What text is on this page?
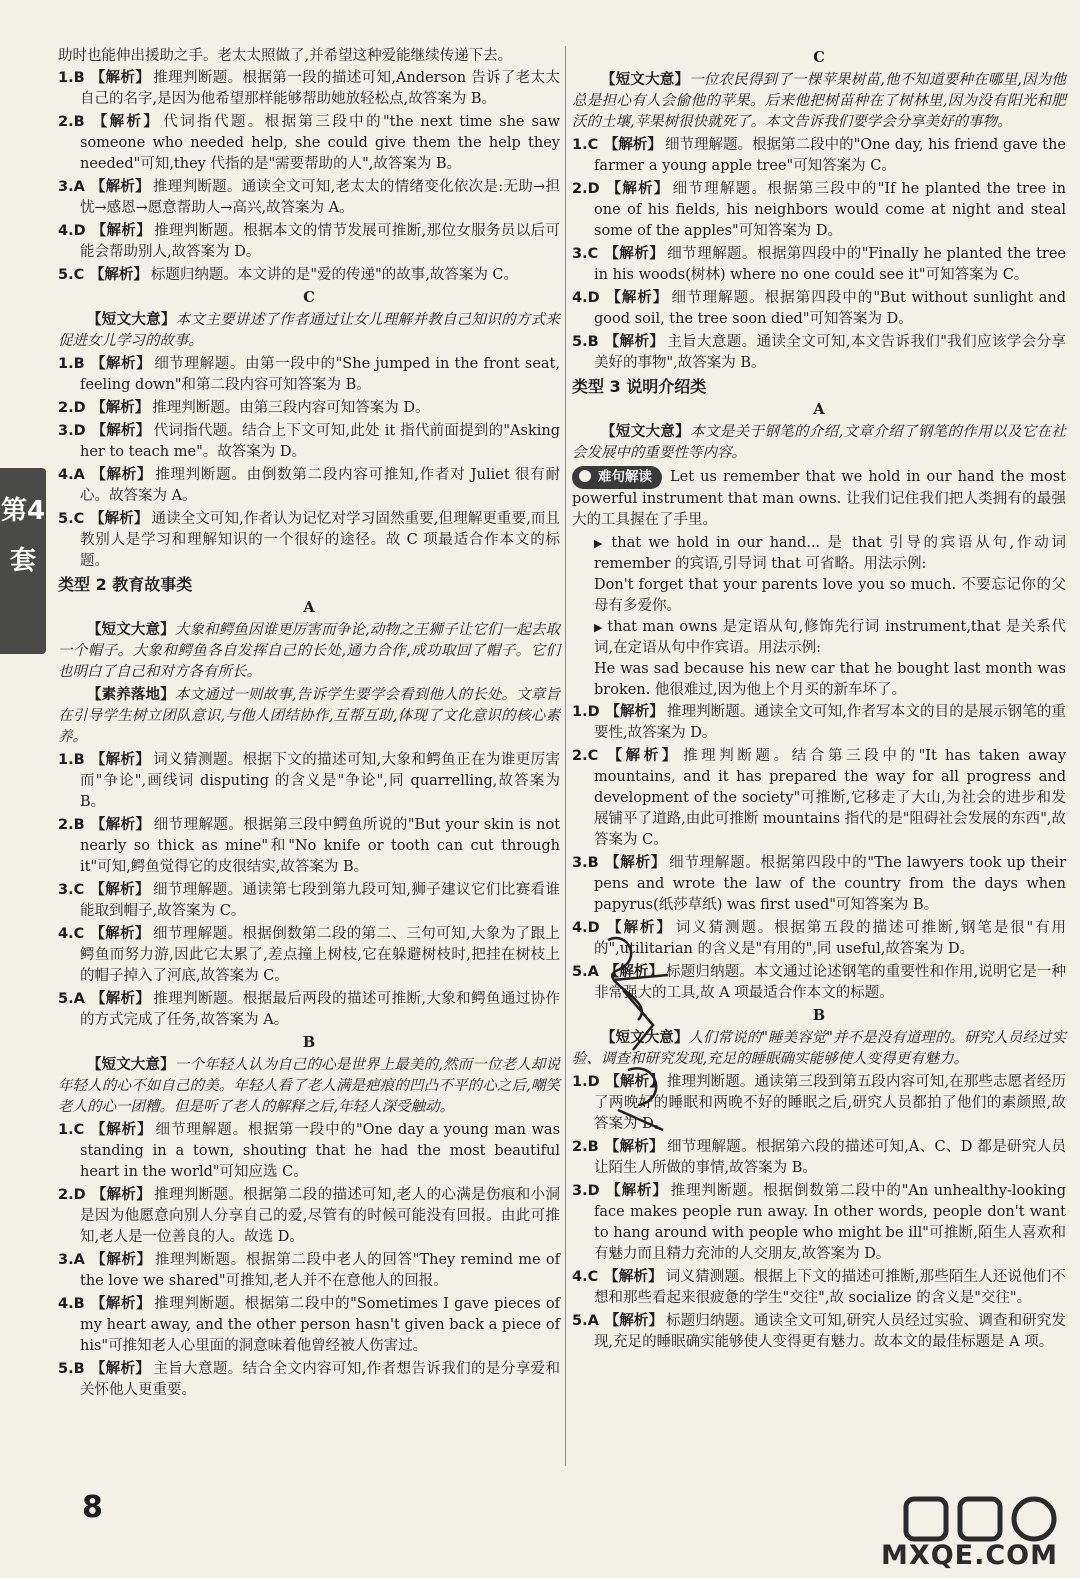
第4套

助时也能伸出援助之手。老太太照做了,并希望这种爱能继续传递下去。

1.B 【解析】 推理判断题。根据第一段的描述可知,Anderson 告诉了老太太自己的名字,是因为他希望那样能够帮助她放轻松点,故答案为 B。

2.B 【解析】 代词指代题。根据第三段中的"the next time she saw someone who needed help, she could give them the help they needed"可知,they 代指的是"需要帮助的人",故答案为 B。

3.A 【解析】 推理判断题。通读全文可知,老太太的情绪变化依次是:无助→担忧→感恩→愿意帮助人→高兴,故答案为 A。

4.D 【解析】 推理判断题。根据本文的情节发展可推断,那位女服务员以后可能会帮助别人,故答案为 D。

5.C 【解析】 标题归纳题。本文讲的是"爱的传递"的故事,故答案为 C。

C

【短文大意】本文主要讲述了作者通过让女儿理解并教自己知识的方式来促进女儿学习的故事。

1.B 【解析】 细节理解题。由第一段中的"She jumped in the front seat, feeling down"和第二段内容可知答案为 B。

2.D 【解析】 推理判断题。由第三段内容可知答案为 D。

3.D 【解析】 代词指代题。结合上下文可知,此处 it 指代前面提到的"Asking her to teach me"。故答案为 D。

4.A 【解析】 推理判断题。由倒数第二段内容可推知,作者对 Juliet 很有耐心。故答案为 A。

5.C 【解析】 通读全文可知,作者认为记忆对学习固然重要,但理解更重要,而且教别人是学习和理解知识的一个很好的途径。故 C 项最适合作本文的标题。

类型 2 教育故事类
A

【短文大意】大象和鳄鱼因谁更厉害而争论,动物之王狮子让它们一起去取一个帽子。大象和鳄鱼各自发挥自己的长处,通力合作,成功取回了帽子。它们也明白了自己和对方各有所长。

【素养落地】本文通过一则故事,告诉学生要学会看到他人的长处。文章旨在引导学生树立团队意识,与他人团结协作,互帮互助,体现了文化意识的核心素养。

1.B 【解析】 词义猜测题。根据下文的描述可知,大象和鳄鱼正在为谁更厉害而"争论",画线词 disputing 的含义是"争论",同 quarrelling,故答案为 B。

2.B 【解析】 细节理解题。根据第三段中鳄鱼所说的"But your skin is not nearly so thick as mine"和"No knife or tooth can cut through it"可知,鳄鱼觉得它的皮很结实,故答案为 B。

3.C 【解析】 细节理解题。通读第七段到第九段可知,狮子建议它们比赛看谁能取到帽子,故答案为 C。

4.C 【解析】 细节理解题。根据倒数第二段的第二、三句可知,大象为了跟上鳄鱼而努力游,因此它太累了,差点撞上树枝,它在躲避树枝时,把挂在树枝上的帽子掉入了河底,故答案为 C。

5.A 【解析】 推理判断题。根据最后两段的描述可推断,大象和鳄鱼通过协作的方式完成了任务,故答案为 A。

B

【短文大意】一个年轻人认为自己的心是世界上最美的,然而一位老人却说年轻人的心不如自己的美。年轻人看了老人满是疤痕的凹凸不平的心之后,嘲笑老人的心一团糟。但是听了老人的解释之后,年轻人深受触动。

1.C 【解析】 细节理解题。根据第一段中的"One day a young man was standing in a town, shouting that he had the most beautiful heart in the world"可知应选 C。

2.D 【解析】 推理判断题。根据第二段的描述可知,老人的心满是伤痕和小洞是因为他愿意向别人分享自己的爱,尽管有的时候可能没有回报。由此可推知,老人是一位善良的人。故选 D。

3.A 【解析】 推理判断题。根据第二段中老人的回答"They remind me of the love we shared"可推知,老人并不在意他人的回报。

4.B 【解析】 推理判断题。根据第二段中的"Sometimes I gave pieces of my heart away, and the other person hasn't given back a piece of his"可推知老人心里面的洞意味着他曾经被人伤害过。

5.B 【解析】 主旨大意题。结合全文内容可知,作者想告诉我们的是分享爱和关怀他人更重要。

C

【短文大意】一位农民得到了一棵苹果树苗,他不知道要种在哪里,因为他总是担心有人会偷他的苹果。后来他把树苗种在了树林里,因为没有阳光和肥沃的土壤,苹果树很快就死了。本文告诉我们要学会分享美好的事物。

1.C 【解析】 细节理解题。根据第二段中的"One day, his friend gave the farmer a young apple tree"可知答案为 C。

2.D 【解析】 细节理解题。根据第三段中的"If he planted the tree in one of his fields, his neighbors would come at night and steal some of the apples"可知答案为 D。

3.C 【解析】 细节理解题。根据第四段中的"Finally he planted the tree in his woods(树林) where no one could see it"可知答案为 C。

4.D 【解析】 细节理解题。根据第四段中的"But without sunlight and good soil, the tree soon died"可知答案为 D。

5.B 【解析】 主旨大意题。通读全文可知,本文告诉我们"我们应该学会分享美好的事物",故答案为 B。

类型 3 说明介绍类
A

【短文大意】本文是关于钢笔的介绍,文章介绍了钢笔的作用以及它在社会发展中的重要性等内容。

难句解读 Let us remember that we hold in our hand the most powerful instrument that man owns. 让我们记住我们把人类拥有的最强大的工具握在了手里。

▶ that we hold in our hand... 是 that 引导的宾语从句,作动词 remember 的宾语,引导词 that 可省略。用法示例:

Don't forget that your parents love you so much. 不要忘记你的父母有多爱你。

▶ that man owns 是定语从句,修饰先行词 instrument,that 是关系代词,在定语从句中作宾语。用法示例:

He was sad because his new car that he bought last month was broken. 他很难过,因为他上个月买的新车坏了。

1.D 【解析】 推理判断题。通读全文可知,作者写本文的目的是展示钢笔的重要性,故答案为 D。

2.C 【解析】 推理判断题。结合第三段中的"It has taken away mountains, and it has prepared the way for all progress and development of the society"可推断,它移走了大山,为社会的进步和发展铺平了道路,由此可推断 mountains 指代的是"阻碍社会发展的东西",故答案为 C。

3.B 【解析】 细节理解题。根据第四段中的"The lawyers took up their pens and wrote the law of the country from the days when papyrus(纸莎草纸) was first used"可知答案为 B。

4.D 【解析】 词义猜测题。根据第五段的描述可推断,钢笔是很"有用的",utilitarian 的含义是"有用的",同 useful,故答案为 D。

5.A 【解析】 标题归纳题。本文通过论述钢笔的重要性和作用,说明它是一种非常强大的工具,故 A 项最适合作本文的标题。

B

【短文大意】人们常说的"睡美容觉"并不是没有道理的。研究人员经过实验、调查和研究发现,充足的睡眠确实能够使人变得更有魅力。

1.D 【解析】 推理判断题。通读第三段到第五段内容可知,在那些志愿者经历了两晚好的睡眠和两晚不好的睡眠之后,研究人员都拍了他们的素颜照,故答案为 D。

2.B 【解析】 细节理解题。根据第六段的描述可知,A、C、D 都是研究人员让陌生人所做的事情,故答案为 B。

3.D 【解析】 推理判断题。根据倒数第二段中的"An unhealthy-looking face makes people run away. In other words, people don't want to hang around with people who might be ill"可推断,陌生人喜欢和有魅力而且精力充沛的人交朋友,故答案为 D。

4.C 【解析】 词义猜测题。根据上下文的描述可推断,那些陌生人还说他们不想和那些看起来很疲惫的学生"交往",故 socialize 的含义是"交往"。

5.A 【解析】 标题归纳题。通读全文可知,研究人员经过实验、调查和研究发现,充足的睡眠确实能够使人变得更有魅力。故本文的最佳标题是 A 项。

8
MXQE.COM
